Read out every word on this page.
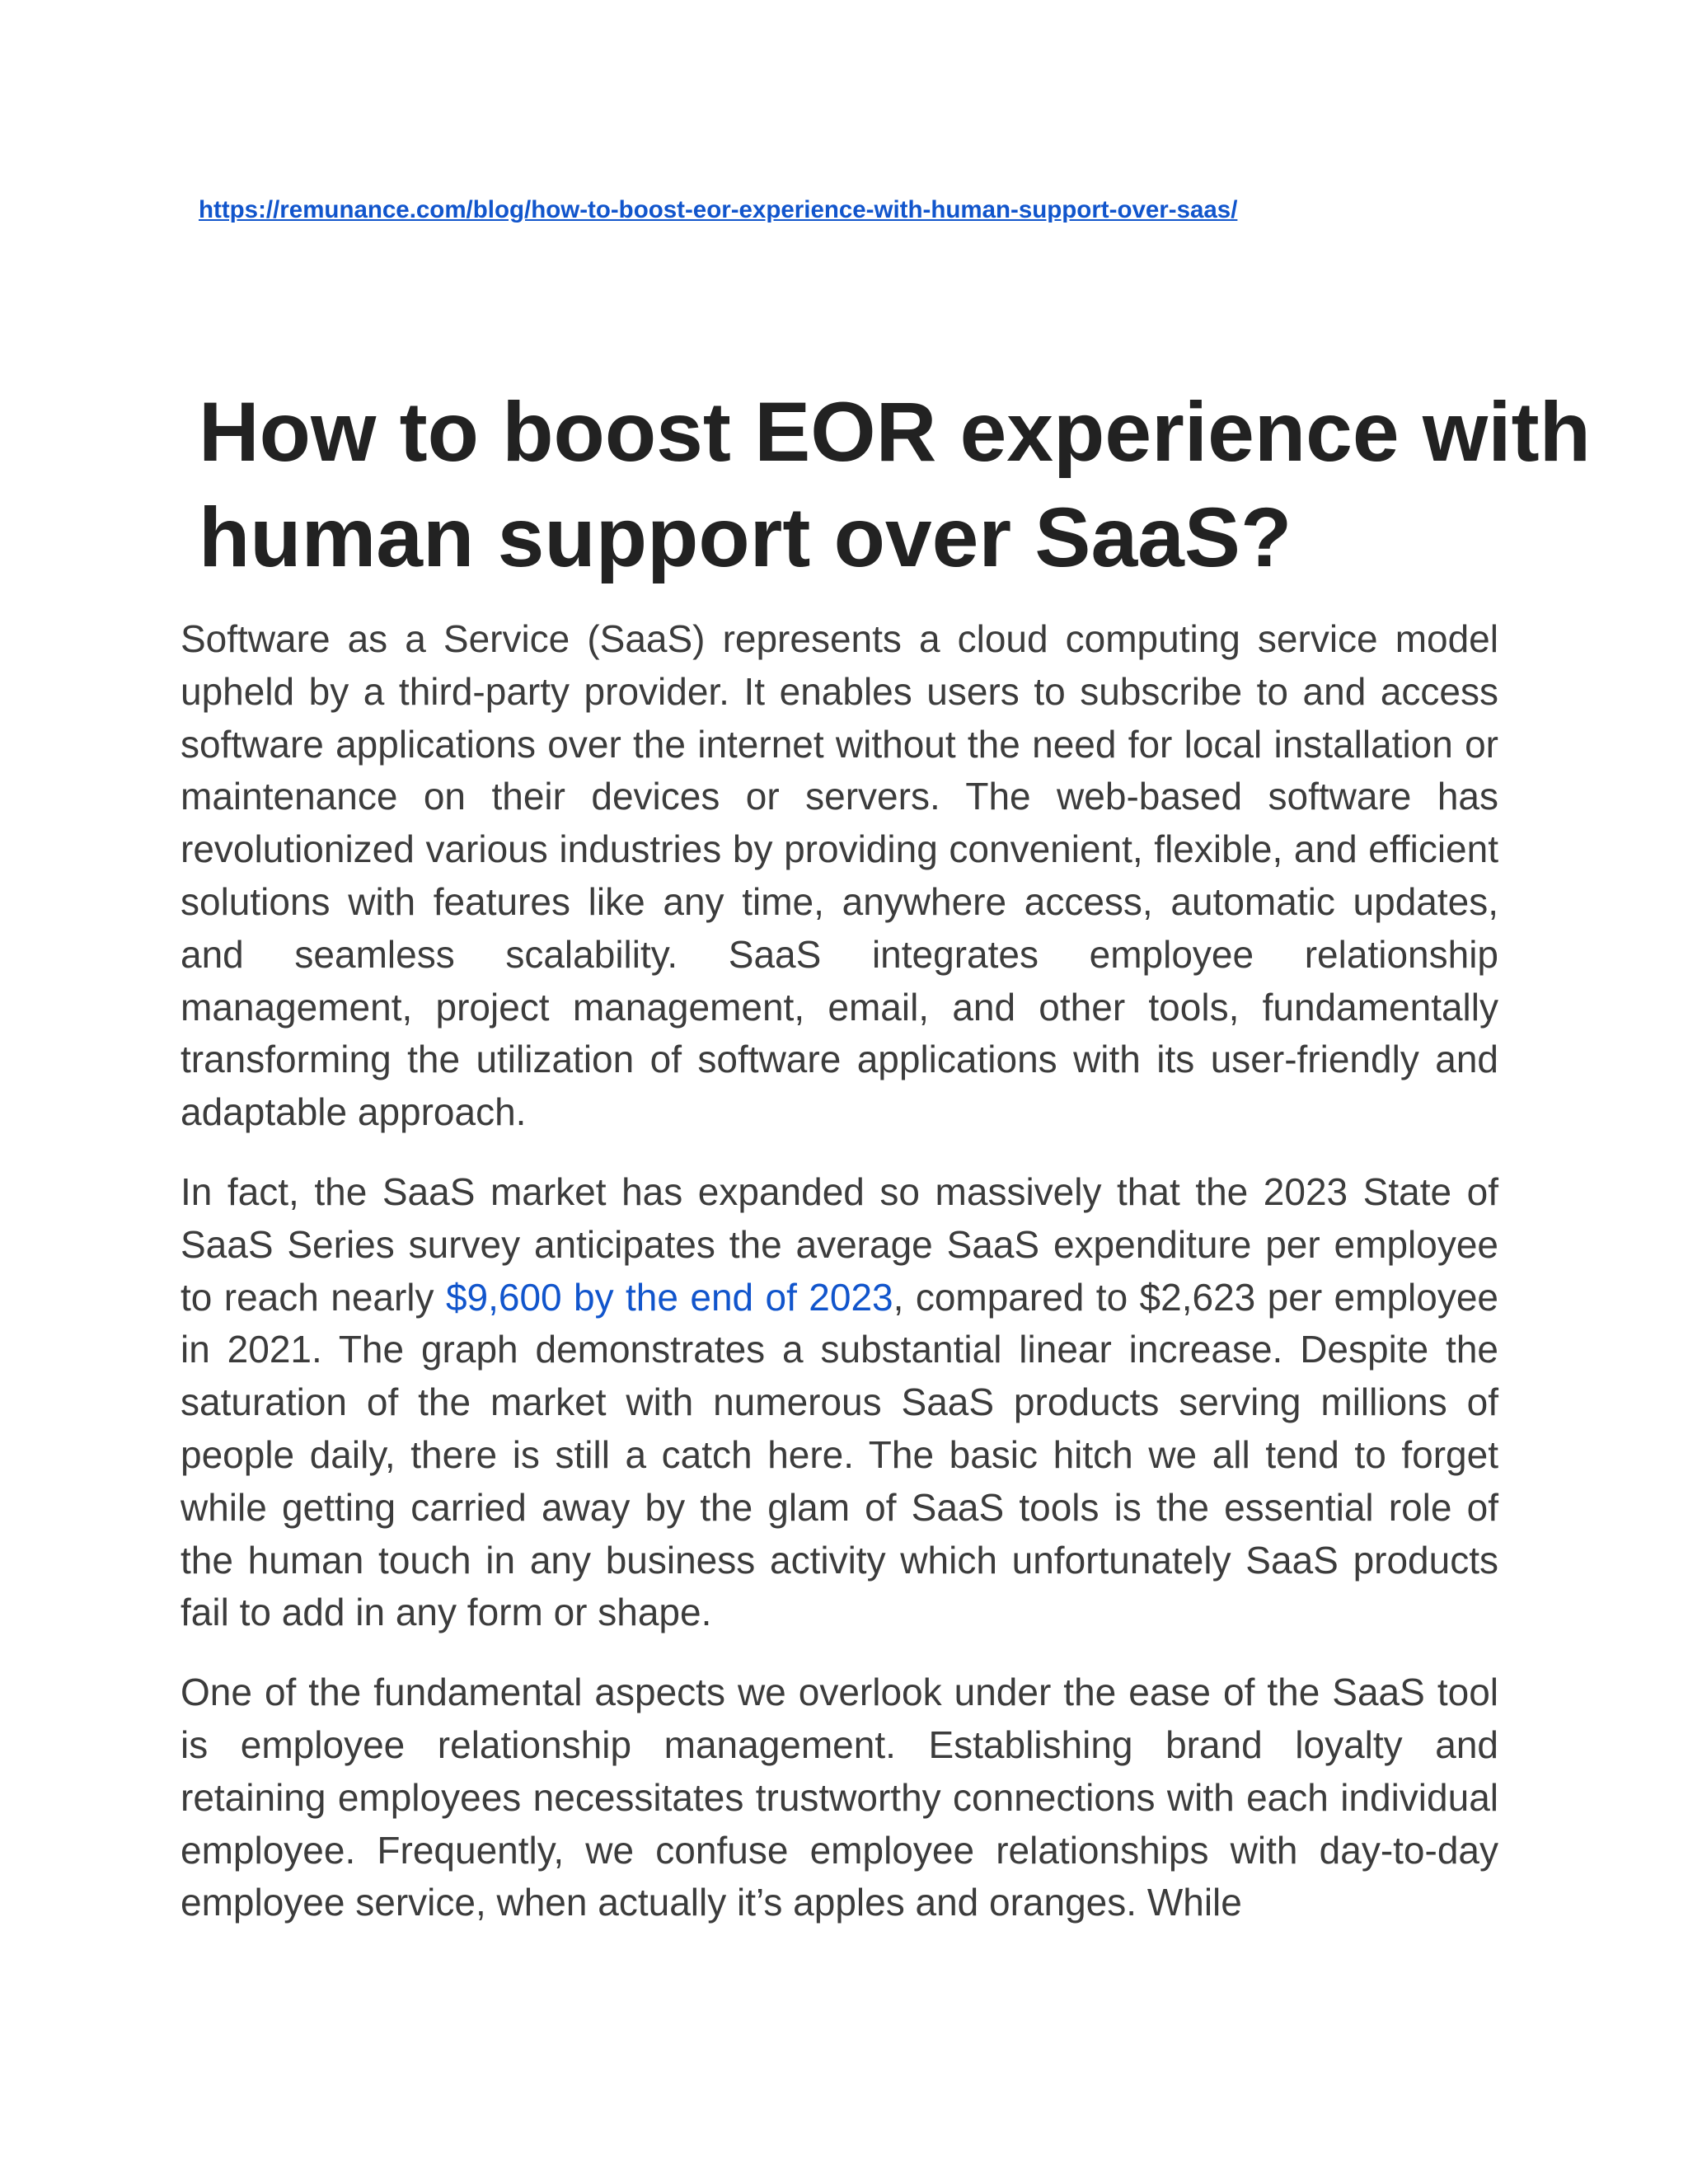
https://remunance.com/blog/how-to-boost-eor-experience-with-human-support-over-saas/
How to boost EOR experience with human support over SaaS?

Software as a Service (SaaS) represents a cloud computing service model upheld by a third-party provider. It enables users to subscribe to and access software applications over the internet without the need for local installation or maintenance on their devices or servers. The web-based software has revolutionized various industries by providing convenient, flexible, and efficient solutions with features like any time, anywhere access, automatic updates, and seamless scalability. SaaS integrates employee relationship management, project management, email, and other tools, fundamentally transforming the utilization of software applications with its user-friendly and adaptable approach.

In fact, the SaaS market has expanded so massively that the 2023 State of SaaS Series survey anticipates the average SaaS expenditure per employee to reach nearly $9,600 by the end of 2023, compared to $2,623 per employee in 2021. The graph demonstrates a substantial linear increase. Despite the saturation of the market with numerous SaaS products serving millions of people daily, there is still a catch here. The basic hitch we all tend to forget while getting carried away by the glam of SaaS tools is the essential role of the human touch in any business activity which unfortunately SaaS products fail to add in any form or shape.

One of the fundamental aspects we overlook under the ease of the SaaS tool is employee relationship management. Establishing brand loyalty and retaining employees necessitates trustworthy connections with each individual employee. Frequently, we confuse employee relationships with day-to-day employee service, when actually it’s apples and oranges. While
